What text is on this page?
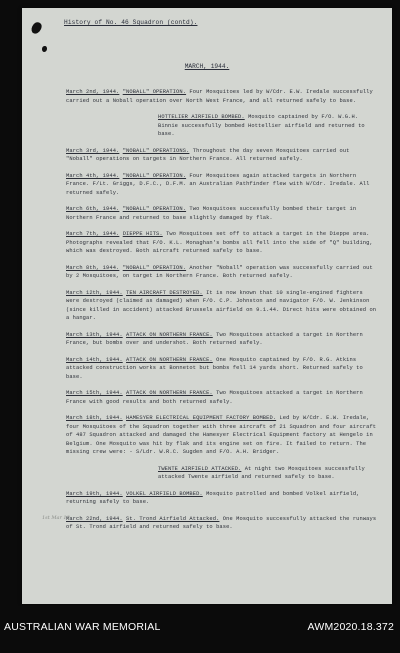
History of No. 46 Squadron (contd).
MARCH, 1944.
March 2nd, 1944. "NOBALL" OPERATION. Four Mosquitoes led by W/Cdr. E.W. Iredale successfully carried out a Noball operation over North West France, and all returned safely to base.
HOTTELIER AIRFIELD BOMBED. Mosquito captained by F/O. W.G.H. Binnie successfully bombed Hottellier airfield and returned to base.
March 3rd, 1944. "NOBALL" OPERATIONS. Throughout the day seven Mosquitoes carried out "Noball" operations on targets in Northern France. All returned safely.
March 4th, 1944. "NOBALL" OPERATION. Four Mosquitoes again attacked targets in Northern France. F/Lt. Griggs, D.F.C., D.F.M. an Australian Pathfinder flew with W/Cdr. Iredale. All returned safely.
March 6th, 1944. "NOBALL" OPERATION. Two Mosquitoes successfully bombed their target in Northern France and returned to base slightly damaged by flak.
March 7th, 1944. DIEPPE HITS. Two Mosquitoes set off to attack a target in the Dieppe area. Photographs revealed that F/O. K.L. Monaghan's bombs all fell into the side of "Q" building, which was destroyed. Both aircraft returned safely to base.
March 8th, 1944. "NOBALL" OPERATION. Another "Noball" operation was successfully carried out by 2 Mosquitoes, on target in Northern France. Both returned safely.
March 12th, 1944. TEN AIRCRAFT DESTROYED. It is now known that 10 single-engined fighters were destroyed (claimed as damaged) when F/O. C.P. Johnston and navigator F/O. W. Jenkinson (since killed in accident) attacked Brussels airfield on 9.1.44. Direct hits were obtained on a hangar.
March 13th, 1944. ATTACK ON NORTHERN FRANCE. Two Mosquitoes attacked a target in Northern France, but bombs over and undershot. Both returned safely.
March 14th, 1944. ATTACK ON NORTHERN FRANCE. One Mosquito captained by F/O. R.G. Atkins attacked construction works at Bonnetot but bombs fell 14 yards short. Returned safely to base.
March 15th, 1944. ATTACK ON NORTHERN FRANCE. Two Mosquitoes attacked a target in Northern France with good results and both returned safely.
March 18th, 1944. HAMESYER ELECTRICAL EQUIPMENT FACTORY BOMBED. Led by W/Cdr. E.W. Iredale, four Mosquitoes of the Squadron together with three aircraft of 21 Squadron and four aircraft of 487 Squadron attacked and damaged the Hamesyer Electrical Equipment factory at Hengelo in Belgium. One Mosquito was hit by flak and its engine set on fire. It failed to return. The missing crew were: - S/Ldr. W.R.C. Sugden and F/O. A.H. Bridger.
TWENTE AIRFIELD ATTACKED. At night two Mosquitoes successfully attacked Twente airfield and returned safely to base.
March 19th, 1944. VOLKEL AIRFIELD BOMBED. Mosquito patrolled and bombed Volkel airfield, returning safely to base.
March 22nd, 1944. St. Trond Airfield Attacked. One Mosquito successfully attacked the runways of St. Trond airfield and returned safely to base.
1st Mar 18
AUSTRALIAN WAR MEMORIAL	AWM2020.18.372
